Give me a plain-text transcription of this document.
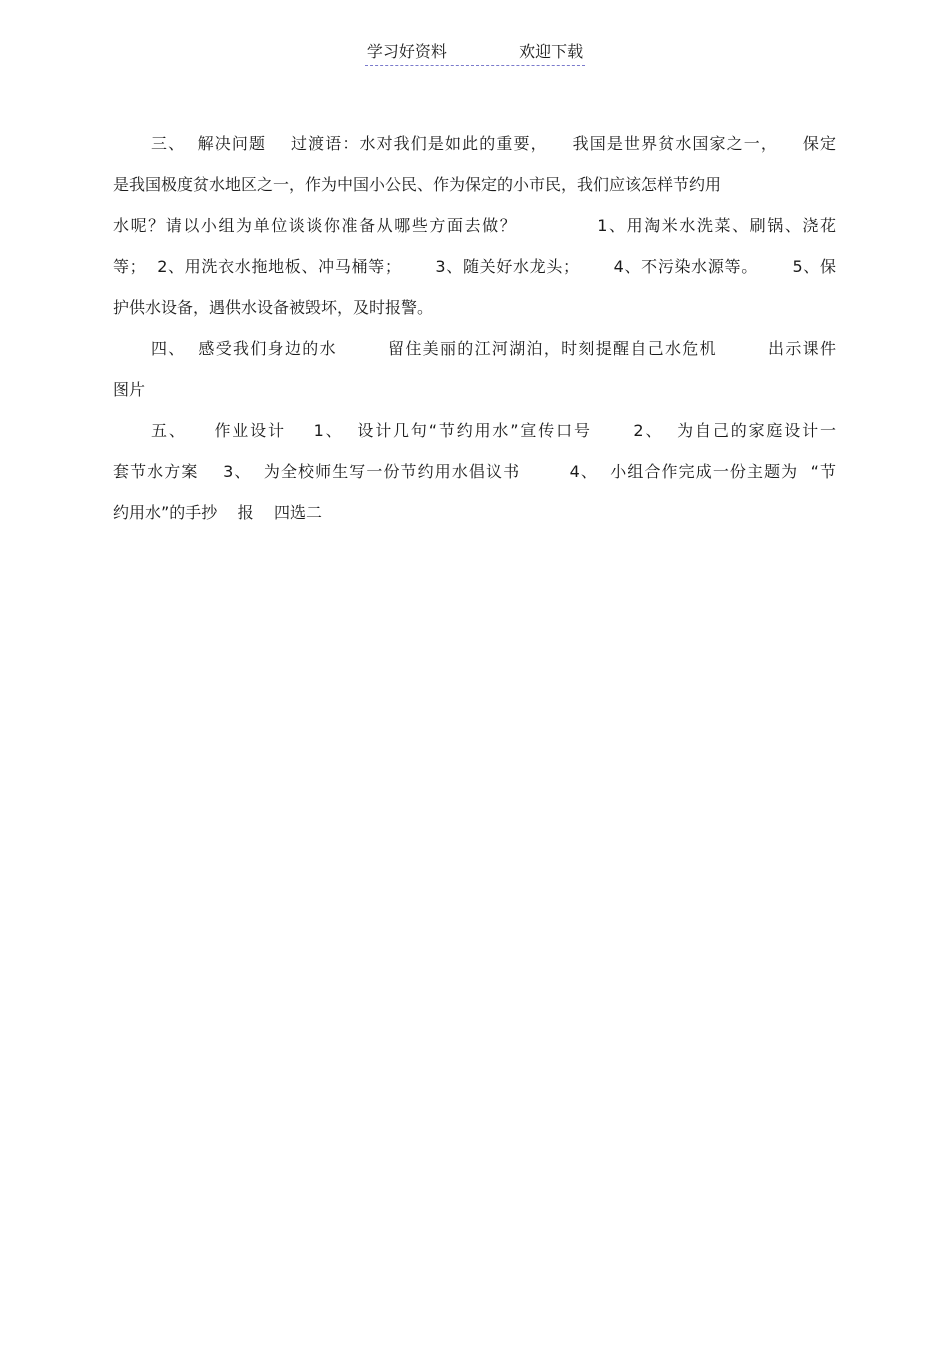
学习好资料	欢迎下载
三、  解决问题    过渡语：水对我们是如此的重要，    我国是世界贫水国家之一，    保定
是我国极度贫水地区之一，作为中国小公民、作为保定的小市民，我们应该怎样节约用
水呢？请以小组为单位谈谈你准备从哪些方面去做？            1、用淘米水洗菜、刷锅、浇花
等；  2、用洗衣水拖地板、冲马桶等；      3、随关好水龙头；      4、不污染水源等。      5、保
护供水设备，遇供水设备被毁坏，及时报警。
四、  感受我们身边的水        留住美丽的江河湖泊，时刻提醒自己水危机        出示课件
图片
五、    作业设计    1、  设计几句“节约用水”宣传口号      2、  为自己的家庭设计一
套节水方案    3、  为全校师生写一份节约用水倡议书        4、  小组合作完成一份主题为  “节
约用水”的手抄    报    四选二
